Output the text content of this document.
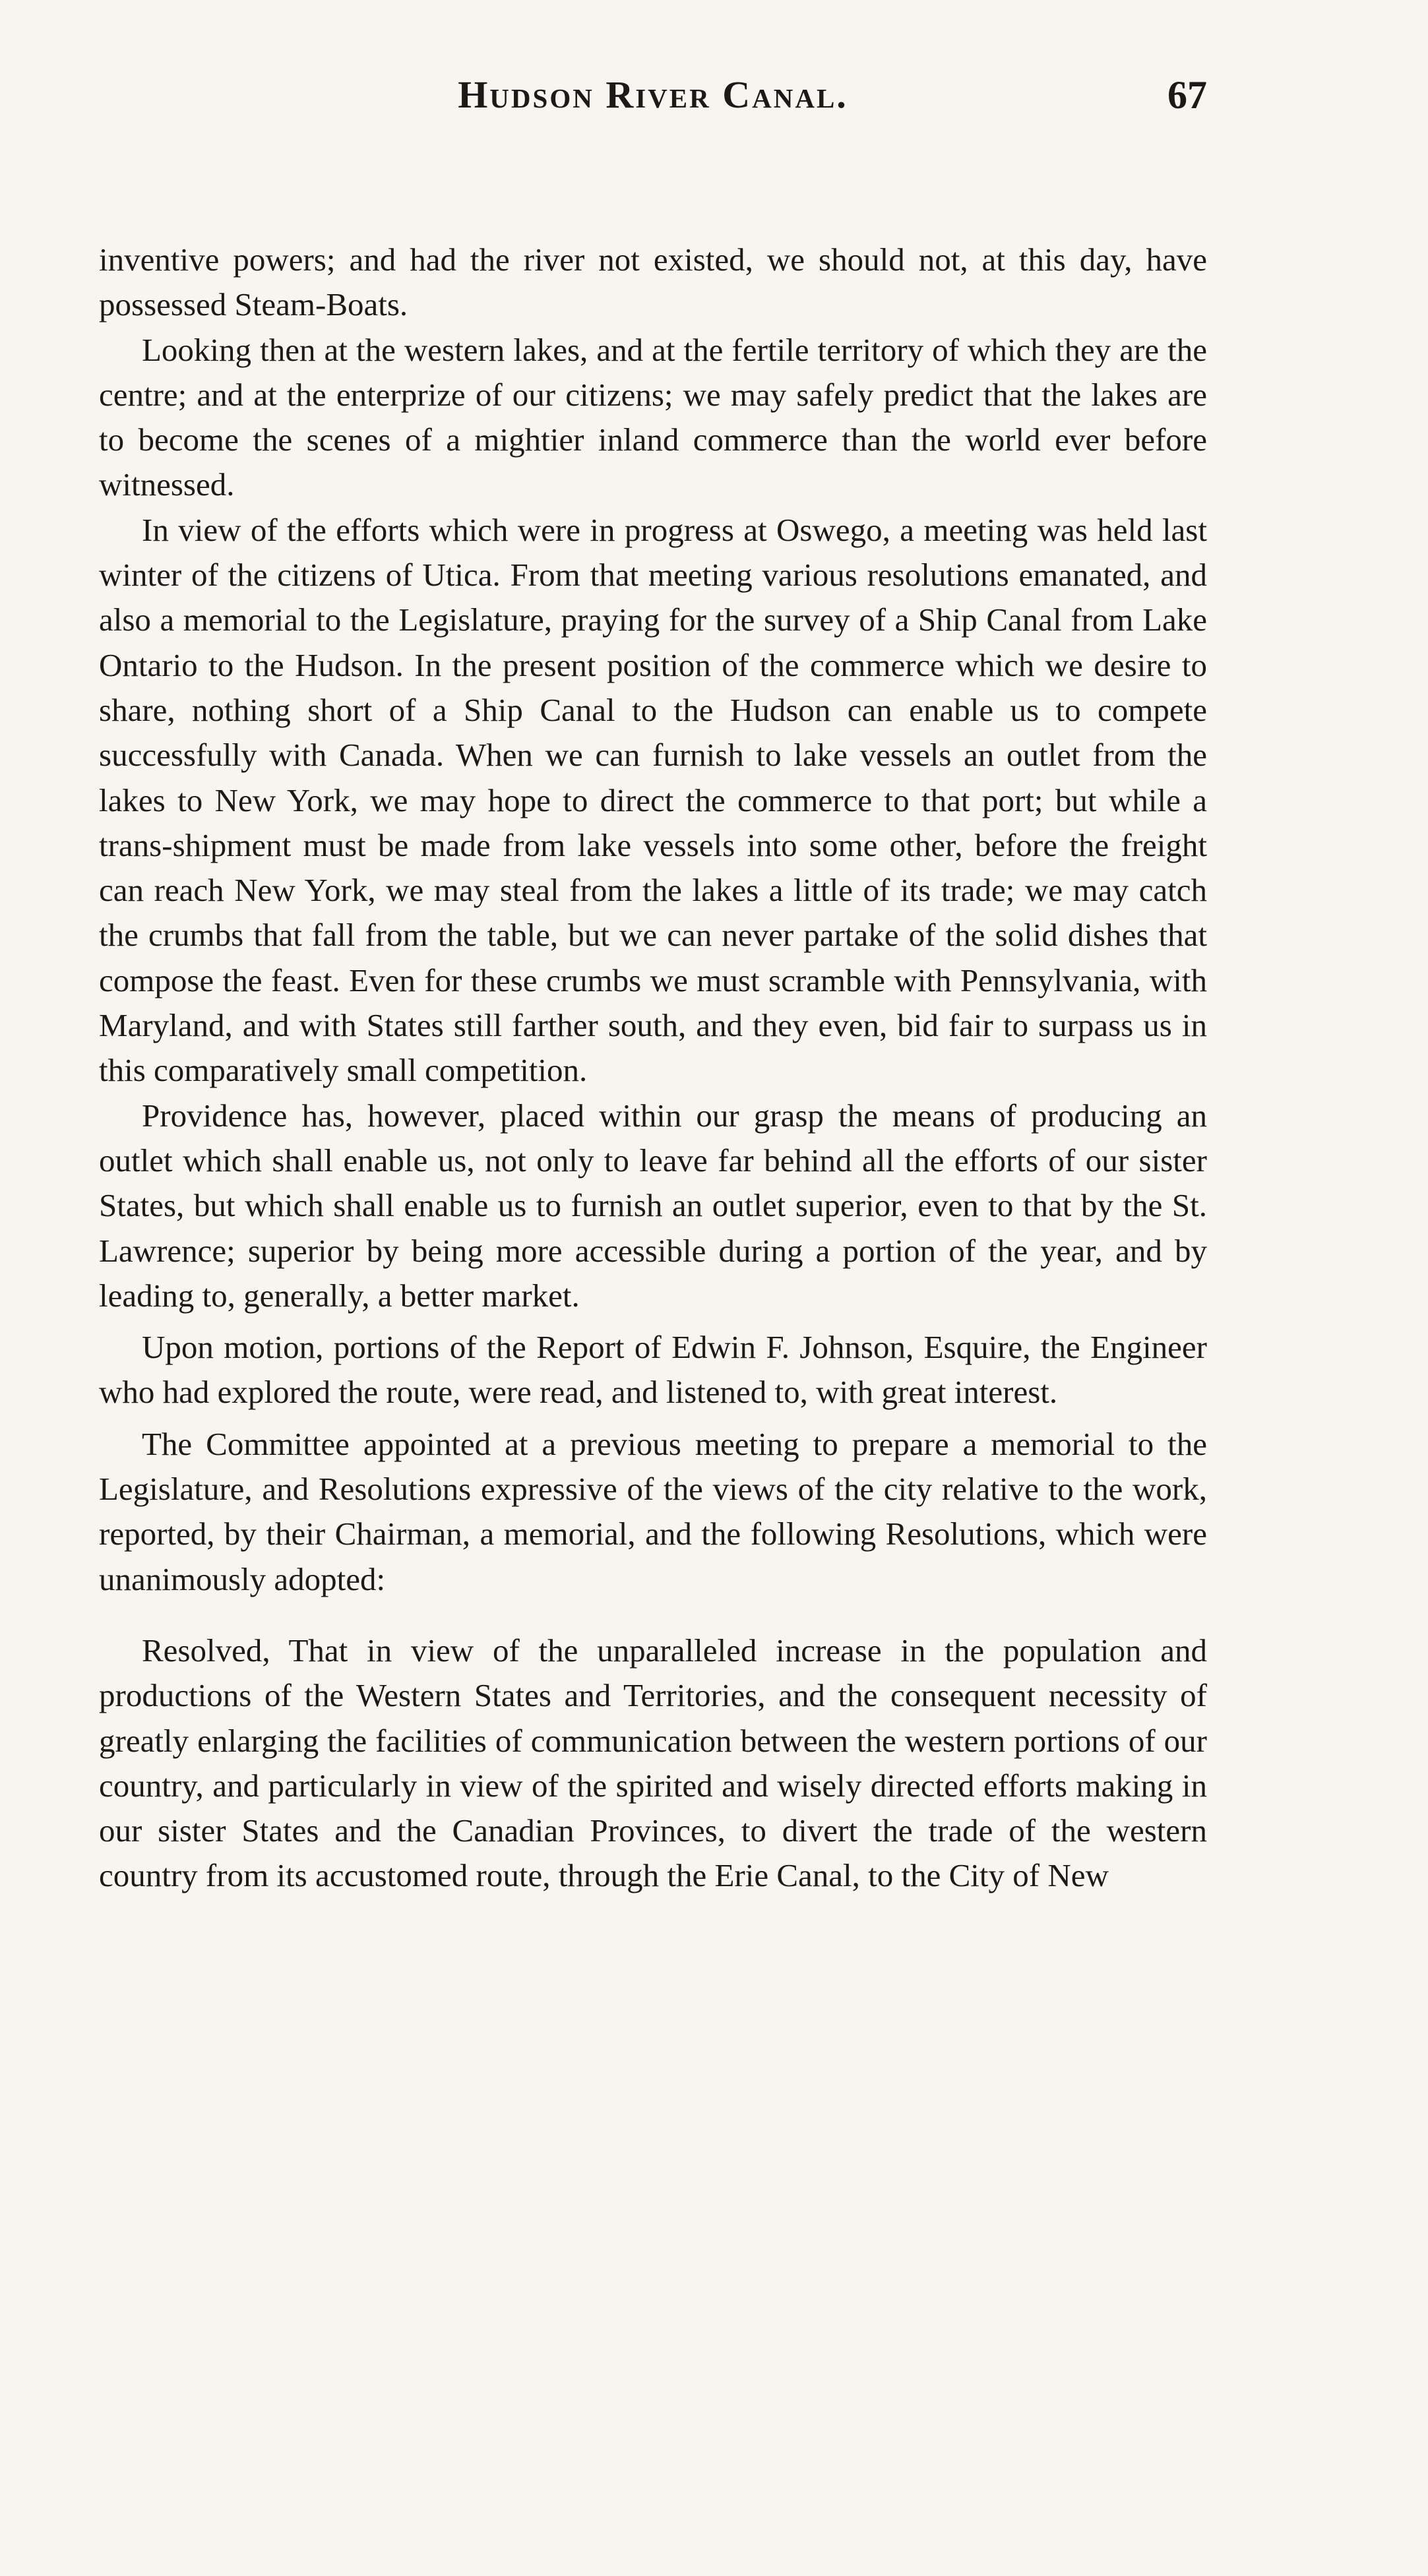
Hudson River Canal.	67

inventive powers; and had the river not existed, we should not, at this day, have possessed Steam-Boats.

Looking then at the western lakes, and at the fertile territory of which they are the centre; and at the enterprize of our citizens; we may safely predict that the lakes are to become the scenes of a mightier inland commerce than the world ever before witnessed.

In view of the efforts which were in progress at Oswego, a meeting was held last winter of the citizens of Utica. From that meeting various resolutions emanated, and also a memorial to the Legislature, praying for the survey of a Ship Canal from Lake Ontario to the Hudson. In the present position of the commerce which we desire to share, nothing short of a Ship Canal to the Hudson can enable us to compete successfully with Canada. When we can furnish to lake vessels an outlet from the lakes to New York, we may hope to direct the commerce to that port; but while a trans-shipment must be made from lake vessels into some other, before the freight can reach New York, we may steal from the lakes a little of its trade; we may catch the crumbs that fall from the table, but we can never partake of the solid dishes that compose the feast. Even for these crumbs we must scramble with Pennsylvania, with Maryland, and with States still farther south, and they even, bid fair to surpass us in this comparatively small competition.

Providence has, however, placed within our grasp the means of producing an outlet which shall enable us, not only to leave far behind all the efforts of our sister States, but which shall enable us to furnish an outlet superior, even to that by the St. Lawrence; superior by being more accessible during a portion of the year, and by leading to, generally, a better market.

Upon motion, portions of the Report of Edwin F. Johnson, Esquire, the Engineer who had explored the route, were read, and listened to, with great interest.

The Committee appointed at a previous meeting to prepare a memorial to the Legislature, and Resolutions expressive of the views of the city relative to the work, reported, by their Chairman, a memorial, and the following Resolutions, which were unanimously adopted:

Resolved, That in view of the unparalleled increase in the population and productions of the Western States and Territories, and the consequent necessity of greatly enlarging the facilities of communication between the western portions of our country, and particularly in view of the spirited and wisely directed efforts making in our sister States and the Canadian Provinces, to divert the trade of the western country from its accustomed route, through the Erie Canal, to the City of New
